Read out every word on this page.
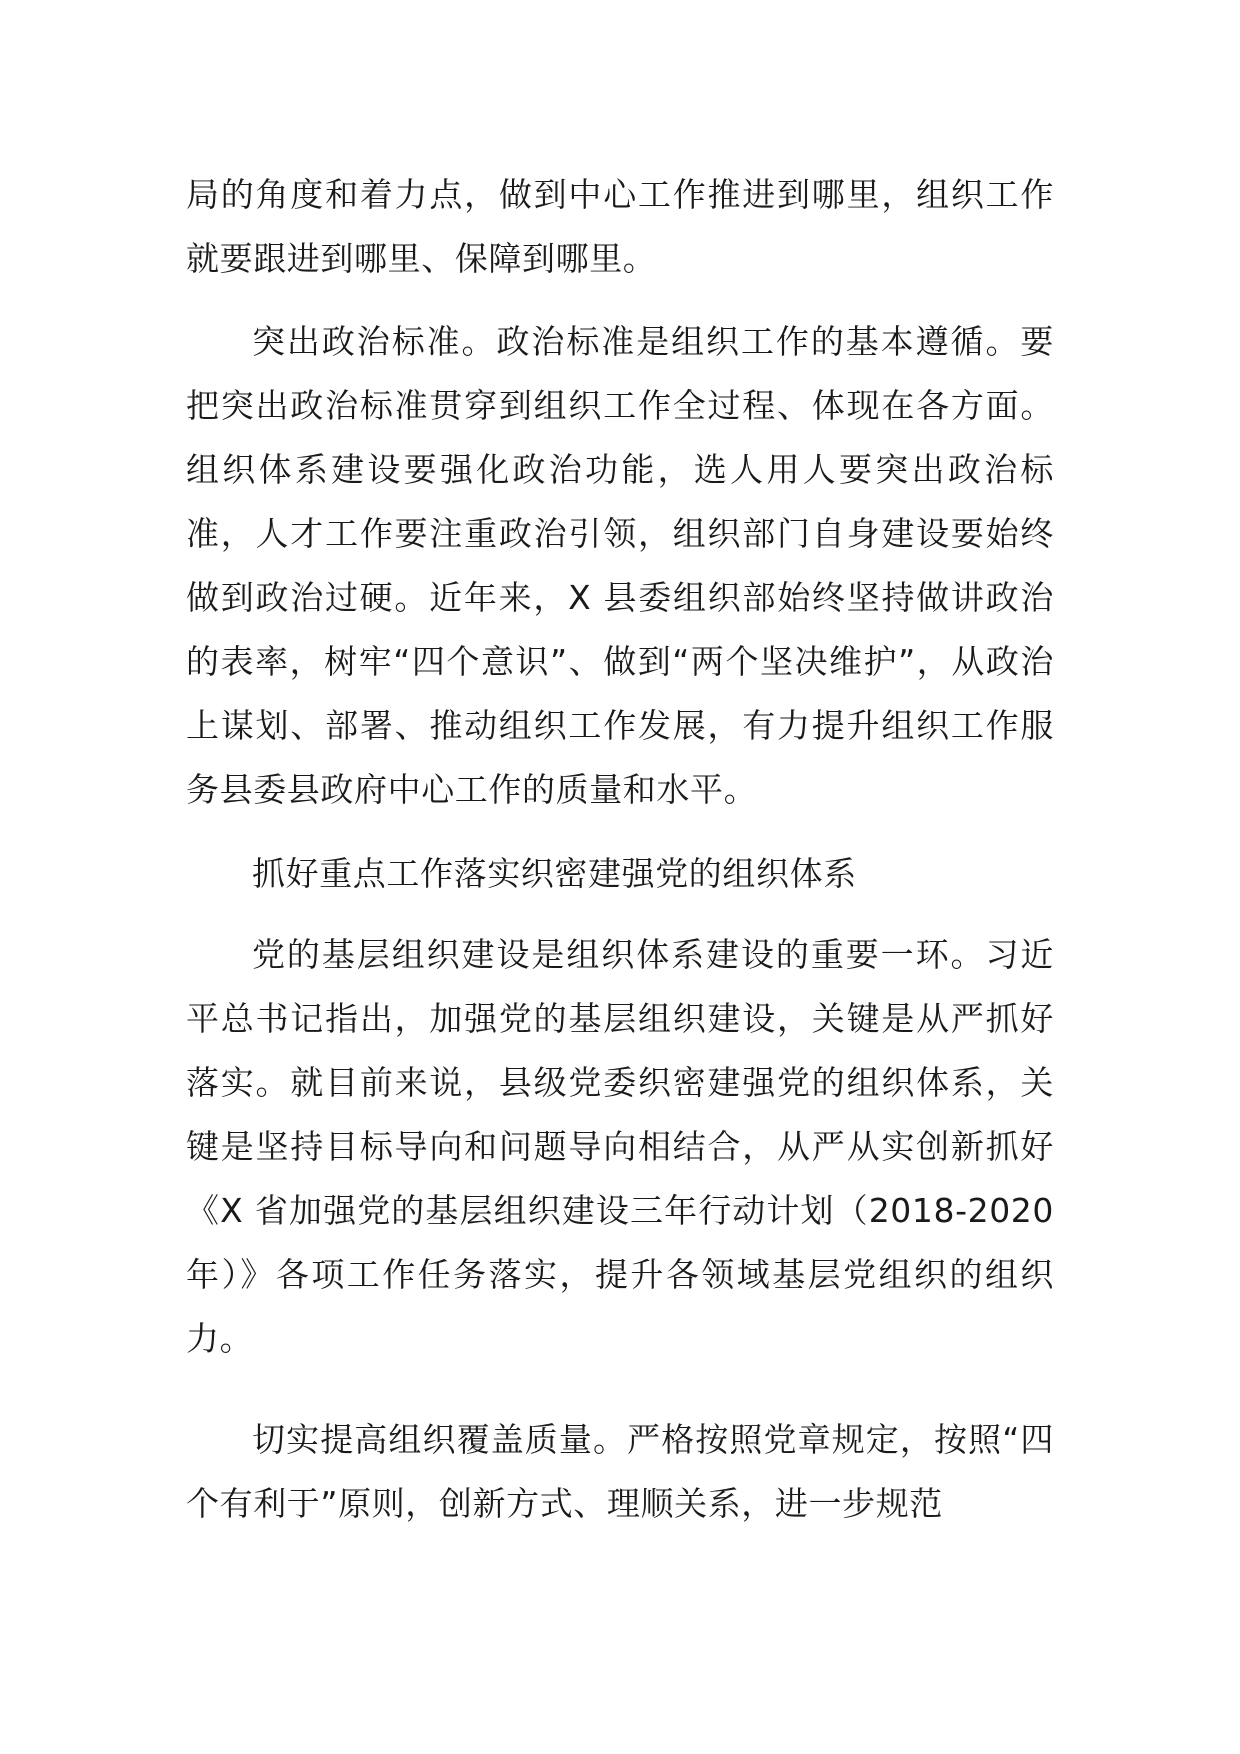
局的角度和着力点，做到中心工作推进到哪里，组织工作就要跟进到哪里、保障到哪里。

突出政治标准。政治标准是组织工作的基本遵循。要把突出政治标准贯穿到组织工作全过程、体现在各方面。组织体系建设要强化政治功能，选人用人要突出政治标准，人才工作要注重政治引领，组织部门自身建设要始终做到政治过硬。近年来，X 县委组织部始终坚持做讲政治的表率，树牢“四个意识”、做到“两个坚决维护”，从政治上谋划、部署、推动组织工作发展，有力提升组织工作服务县委县政府中心工作的质量和水平。

抓好重点工作落实织密建强党的组织体系

党的基层组织建设是组织体系建设的重要一环。习近平总书记指出，加强党的基层组织建设，关键是从严抓好落实。就目前来说，县级党委织密建强党的组织体系，关键是坚持目标导向和问题导向相结合，从严从实创新抓好《X 省加强党的基层组织建设三年行动计划（2018-2020年）》各项工作任务落实，提升各领域基层党组织的组织力。

切实提高组织覆盖质量。严格按照党章规定，按照“四个有利于”原则，创新方式、理顺关系，进一步规范
